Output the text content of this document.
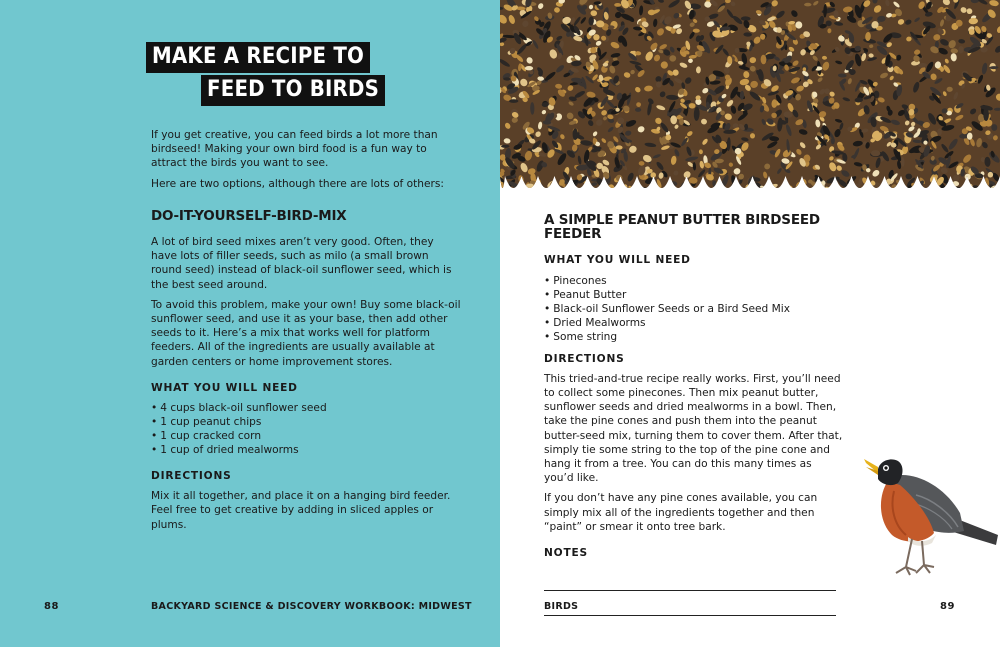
MAKE A RECIPE TO
FEED TO BIRDS

If you get creative, you can feed birds a lot more than birdseed! Making your own bird food is a fun way to attract the birds you want to see.

Here are two options, although there are lots of others:

DO-IT-YOURSELF-BIRD-MIX

A lot of bird seed mixes aren’t very good. Often, they have lots of filler seeds, such as milo (a small brown round seed) instead of black-oil sunflower seed, which is the best seed around.

To avoid this problem, make your own! Buy some black-oil sunflower seed, and use it as your base, then add other seeds to it. Here’s a mix that works well for platform feeders. All of the ingredients are usually available at garden centers or home improvement stores.

WHAT YOU WILL NEED
• 4 cups black-oil sunflower seed
• 1 cup peanut chips
• 1 cup cracked corn
• 1 cup of dried mealworms
DIRECTIONS

Mix it all together, and place it on a hanging bird feeder. Feel free to get creative by adding in sliced apples or plums.

88	BACKYARD SCIENCE & DISCOVERY WORKBOOK: MIDWEST
A SIMPLE PEANUT BUTTER BIRDSEED FEEDER
WHAT YOU WILL NEED
• Pinecones
• Peanut Butter
• Black-oil Sunflower Seeds or a Bird Seed Mix
• Dried Mealworms
• Some string
DIRECTIONS

This tried-and-true recipe really works. First, you’ll need to collect some pinecones. Then mix peanut butter, sunflower seeds and dried mealworms in a bowl. Then, take the pine cones and push them into the peanut butter-seed mix, turning them to cover them. After that, simply tie some string to the top of the pine cone and hang it from a tree. You can do this many times as you’d like.

If you don’t have any pine cones available, you can simply mix all of the ingredients together and then “paint” or smear it onto tree bark.

NOTES
BIRDS	89
